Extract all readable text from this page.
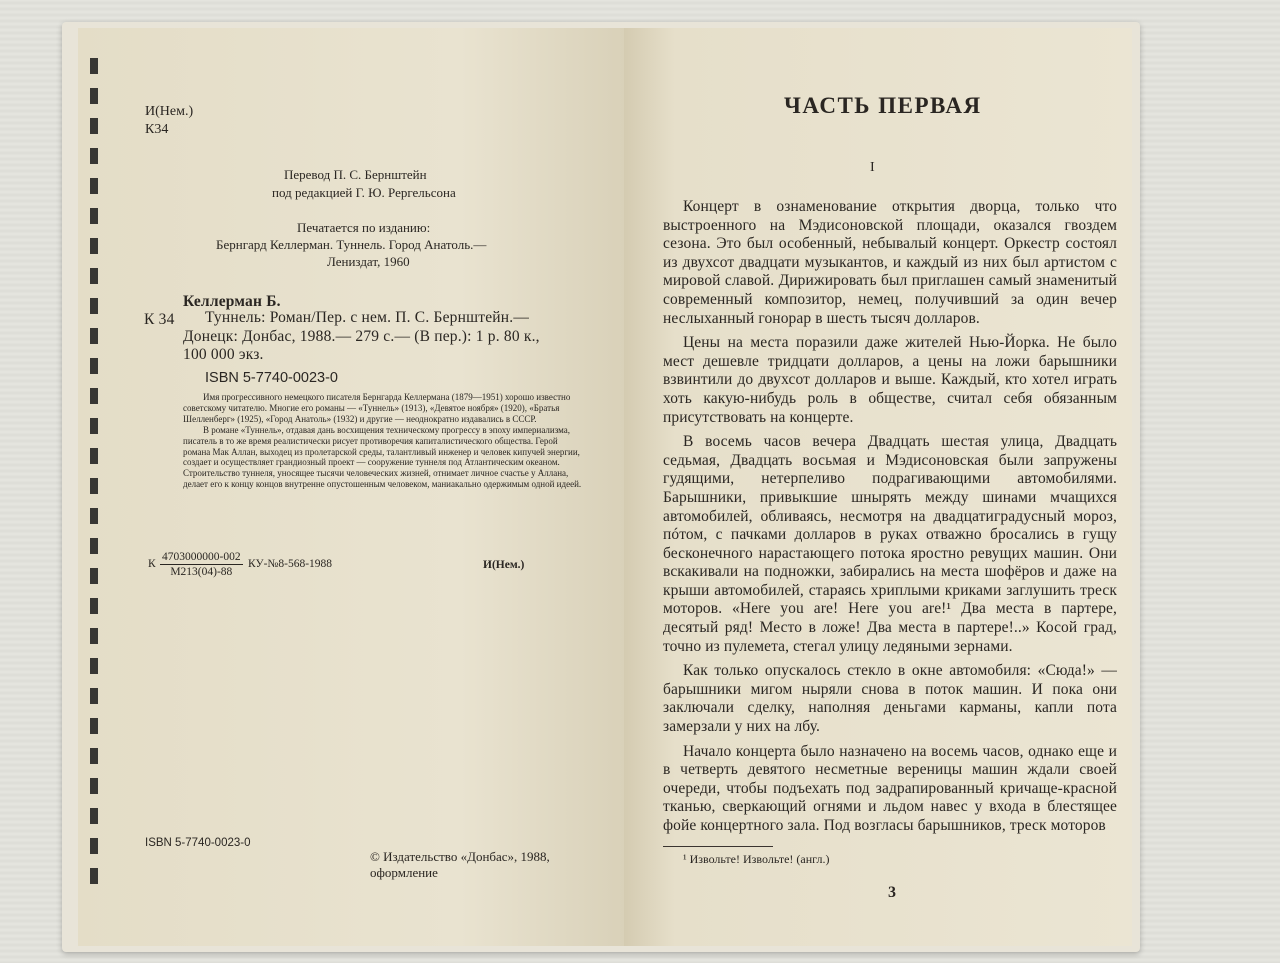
И(Нем.)
К34
Перевод П. С. Бернштейн
под редакцией Г. Ю. Рергельсона
Печатается по изданию:
Бернгард Келлерман. Туннель. Город Анатоль.—
Лениздат, 1960
Келлерман Б.
К 34 Туннель: Роман/Пер. с нем. П. С. Бернштейн.—
Донецк: Донбас, 1988.— 279 с.— (В пер.): 1 р. 80 к.,
100 000 экз.
ISBN 5-7740-0023-0

Имя прогрессивного немецкого писателя Бернгарда Келлермана (1879—1951) хорошо известно советскому читателю. Многие его романы — «Туннель» (1913), «Девятое ноября» (1920), «Братья Шелленберг» (1925), «Город Анатоль» (1932) и другие — неоднократно издавались в СССР.

В романе «Туннель», отдавая дань восхищения техническому прогрессу в эпоху империализма, писатель в то же время реалистически рисует противоречия капиталистического общества. Герой романа Мак Аллан, выходец из пролетарской среды, талантливый инженер и человек кипучей энергии, создает и осуществляет грандиозный проект — сооружение туннеля под Атлантическим океаном. Строительство туннеля, уносящее тысячи человеческих жизней, отнимает личное счастье у Аллана, делает его к концу концов внутренне опустошенным человеком, маниакально одержимым одной идеей.

К
4703000000-002
М213(04)-88
КУ-№8-568-1988	И(Нем.)
ISBN 5-7740-0023-0
© Издательство «Донбас», 1988,
оформление
ЧАСТЬ ПЕРВАЯ
I

Концерт в ознаменование открытия дворца, только что выстроенного на Мэдисоновской площади, оказался гвоздем сезона. Это был особенный, небывалый концерт. Оркестр состоял из двухсот двадцати музыкантов, и каждый из них был артистом с мировой славой. Дирижировать был приглашен самый знаменитый современный композитор, немец, получивший за один вечер неслыханный гонорар в шесть тысяч долларов.

Цены на места поразили даже жителей Нью-Йорка. Не было мест дешевле тридцати долларов, а цены на ложи барышники взвинтили до двухсот долларов и выше. Каждый, кто хотел играть хоть какую-нибудь роль в обществе, считал себя обязанным присутствовать на концерте.

В восемь часов вечера Двадцать шестая улица, Двадцать седьмая, Двадцать восьмая и Мэдисоновская были запружены гудящими, нетерпеливо подрагивающими автомобилями. Барышники, привыкшие шнырять между шинами мчащихся автомобилей, обливаясь, несмотря на двадцатиградусный мороз, пóтом, с пачками долларов в руках отважно бросались в гущу бесконечного нарастающего потока яростно ревущих машин. Они вскакивали на подножки, забирались на места шофёров и даже на крыши автомобилей, стараясь хриплыми криками заглушить треск моторов. «Here you are! Here you are!¹ Два места в партере, десятый ряд! Место в ложе! Два места в партере!..» Косой град, точно из пулемета, стегал улицу ледяными зернами.

Как только опускалось стекло в окне автомобиля: «Сюда!» — барышники мигом ныряли снова в поток машин. И пока они заключали сделку, наполняя деньгами карманы, капли пота замерзали у них на лбу.

Начало концерта было назначено на восемь часов, однако еще и в четверть девятого несметные вереницы машин ждали своей очереди, чтобы подъехать под задрапированный кричаще-красной тканью, сверкающий огнями и льдом навес у входа в блестящее фойе концертного зала. Под возгласы барышников, треск моторов

¹ Извольте! Извольте! (англ.)
3
